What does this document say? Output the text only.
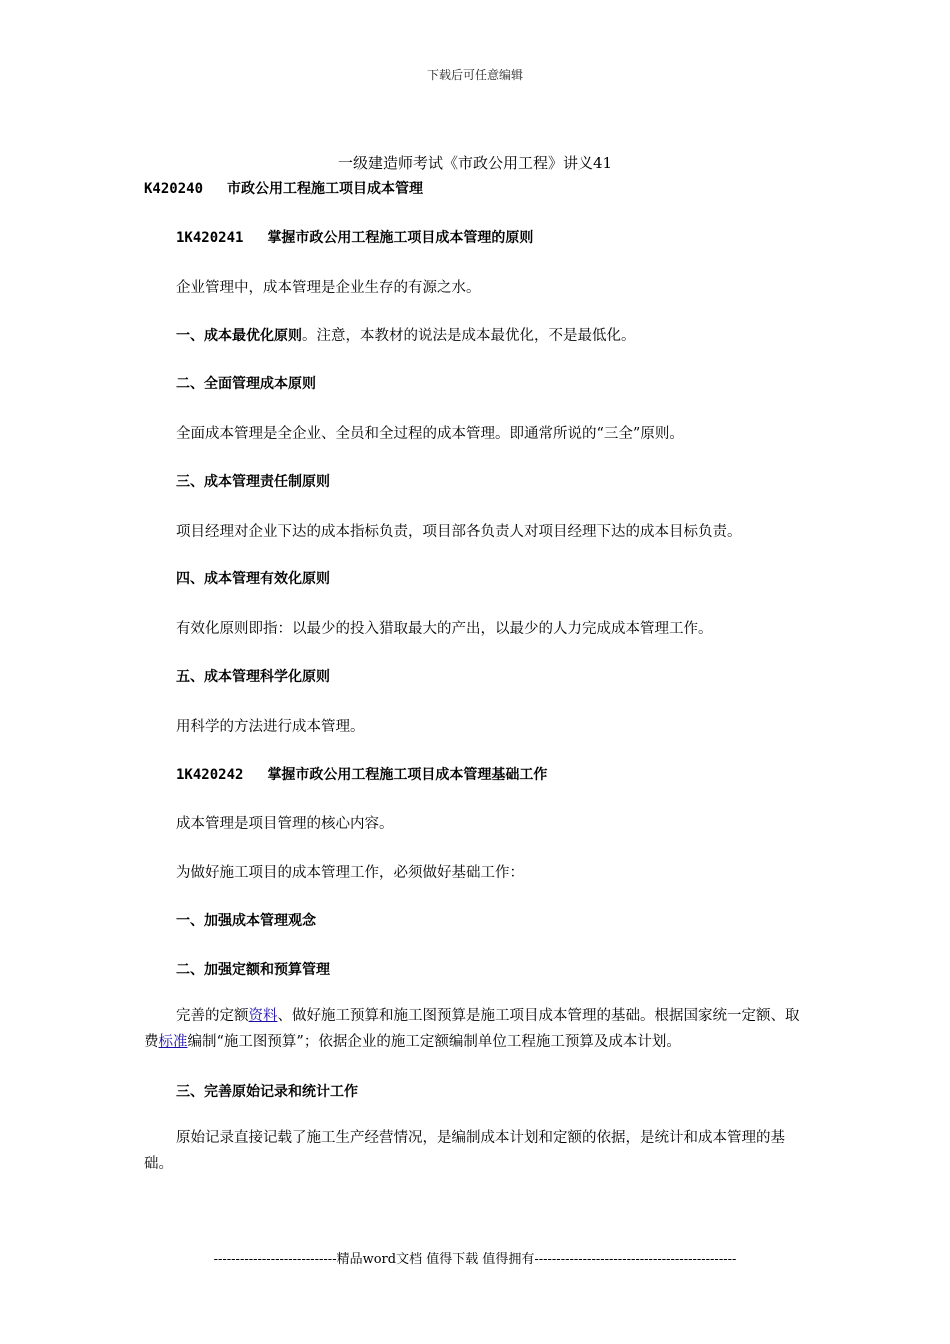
下载后可任意编辑
一级建造师考试《市政公用工程》讲义41
K420240 市政公用工程施工项目成本管理
1K420241 掌握市政公用工程施工项目成本管理的原则
企业管理中，成本管理是企业生存的有源之水。
一、成本最优化原则。注意，本教材的说法是成本最优化，不是最低化。
二、全面管理成本原则
全面成本管理是全企业、全员和全过程的成本管理。即通常所说的“三全”原则。
三、成本管理责任制原则
项目经理对企业下达的成本指标负责，项目部各负责人对项目经理下达的成本目标负责。
四、成本管理有效化原则
有效化原则即指：以最少的投入猎取最大的产出，以最少的人力完成成本管理工作。
五、成本管理科学化原则
用科学的方法进行成本管理。
1K420242 掌握市政公用工程施工项目成本管理基础工作
成本管理是项目管理的核心内容。
为做好施工项目的成本管理工作，必须做好基础工作：
一、加强成本管理观念
二、加强定额和预算管理
完善的定额资料、做好施工预算和施工图预算是施工项目成本管理的基础。根据国家统一定额、取费标准编制“施工图预算”；依据企业的施工定额编制单位工程施工预算及成本计划。
三、完善原始记录和统计工作
原始记录直接记载了施工生产经营情况，是编制成本计划和定额的依据，是统计和成本管理的基础。
----------------------------精品word文档 值得下载 值得拥有----------------------------------------------
